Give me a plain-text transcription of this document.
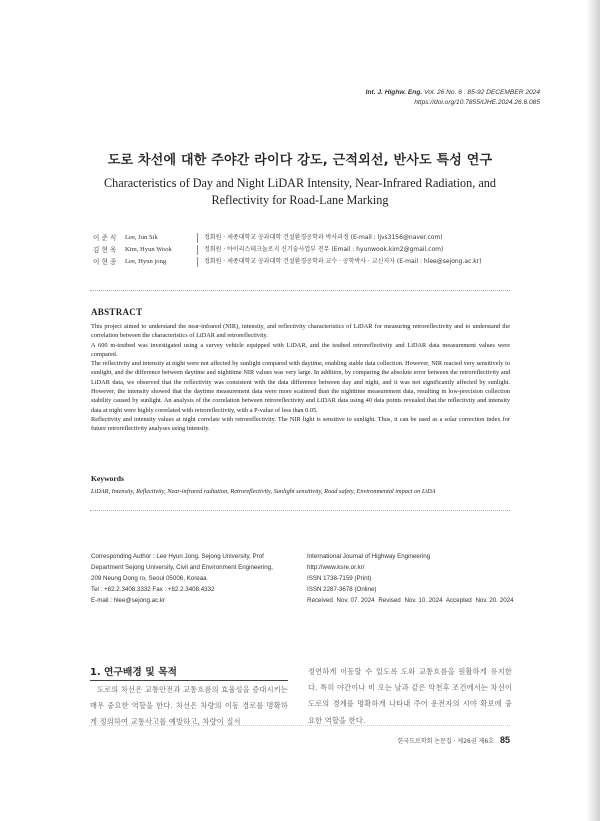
Int. J. Highw. Eng. Vol. 26 No. 6 : 85-92 DECEMBER 2024
https://doi.org/10.7855/IJHE.2024.26.6.085
도로 차선에 대한 주야간 라이다 강도, 근적외선, 반사도 특성 연구
Characteristics of Day and Night LiDAR Intensity, Near-Infrared Radiation, and
Reflectivity for Road-Lane Marking
이 준 식	Lee, Jun Sik	정회원 · 세종대학교 공과대학 건설환경공학과 박사과정 (E-mail : ljvs3156@naver.com)
김 현 욱	Kim, Hyun Wook	정회원 · 아이리스테크놀로지 신기술사업부 전무 (Email : hyunwook.kim2@gmail.com)
이 현 종	Lee, Hyun jong	정회원 · 세종대학교 공과대학 건설환경공학과 교수 · 공학박사 · 교신저자 (E-mail : hlee@sejong.ac.kr)
ABSTRACT

This project aimed to understand the near-infrared (NIR), intensity, and reflectivity characteristics of LiDAR for measuring retroreflectivity and to understand the correlation between the characteristics of LiDAR and retroreflectivity.

A 600 m-testbed was investigated using a survey vehicle equipped with LiDAR, and the testbed retroreflectivity and LiDAR data measurement values were compared.

The reflectivity and intensity at night were not affected by sunlight compared with daytime, enabling stable data collection. However, NIR reacted very sensitively to sunlight, and the difference between daytime and nighttime NIR values was very large. In addition, by comparing the absolute error between the retroreflectivity and LiDAR data, we observed that the reflectivity was consistent with the data difference between day and night, and it was not significantly affected by sunlight. However, the intensity showed that the daytime measurement data were more scattered than the nighttime measurement data, resulting in low-precision collection stability caused by sunlight. An analysis of the correlation between retroreflectivity and LiDAR data using 40 data points revealed that the reflectivity and intensity data at night were highly correlated with retroreflectivity, with a P-value of less than 0.05.

Reflectivity and intensity values at night correlate with retroreflectivity. The NIR light is sensitive to sunlight. Thus, it can be used as a solar correction index for future retroreflectivity analyses using intensity.

Keywords
LiDAR, Intensity, Reflectivity, Near-infrared radiation, Retroreflectivity, Sunlight sensitivity, Road safety, Environmental impact on LiDA
Corresponding Author : Lee Hyun Jong, Sejong University, Prof
Department Sejong University, Civil and Environment Engineering,
209 Neung Dong ro, Seoul 05006, Koreaa
Tel : +82.2.3408.3332 Fax : +82.2.3408.4332
E-mail : hlee@sejong.ac.kr
International Journal of Highway Engineering
http://www.ksre.or.kr/
ISSN 1738-7159 (Print)
ISSN 2287-3678 (Online)
Received Nov. 07. 2024 Revised Nov. 10. 2024 Accepted Nov. 20. 2024
1. 연구배경 및 목적
도로의 차선은 교통안전과 교통흐름의 효율성을 증대시키는 매우 중요한 역할을 한다. 차선은 차량의 이동 경로를 명확하게 정의하여 교통사고를 예방하고, 차량이 질서
정연하게 이동할 수 있도록 도와 교통흐름을 원활하게 유지한다. 특히 야간이나 비 오는 날과 같은 악천후 조건에서는 차선이 도로의 경계를 명확하게 나타내 주어 운전자의 시야 확보에 중요한 역할을 한다.
한국도로학회 논문집 · 제26권 제6호 85
